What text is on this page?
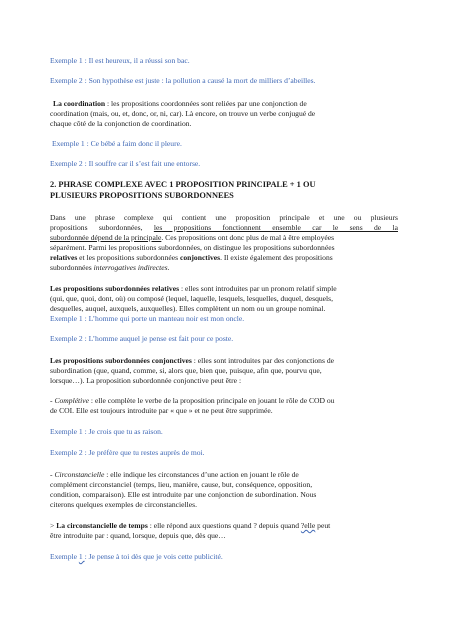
Exemple 1 : Il est heureux, il a réussi son bac.
Exemple 2 : Son hypothèse est juste : la pollution a causé la mort de milliers d’abeilles.
La coordination : les propositions coordonnées sont reliées par une conjonction de
coordination (mais, ou, et, donc, or, ni, car). Là encore, on trouve un verbe conjugué de
chaque côté de la conjonction de coordination.
Exemple 1 : Ce bébé a faim donc il pleure.
Exemple 2 : Il souffre car il s’est fait une entorse.
2. PHRASE COMPLEXE AVEC 1 PROPOSITION PRINCIPALE + 1 OU
PLUSIEURS PROPOSITIONS SUBORDONNEES
Dans une phrase complexe qui contient une proposition principale et une ou plusieurs
propositions subordonnées, les propositions fonctionnent ensemble car le sens de la
subordonnée dépend de la principale. Ces propositions ont donc plus de mal à être employées
séparément. Parmi les propositions subordonnées, on distingue les propositions subordonnées
relatives et les propositions subordonnées conjonctives. Il existe également des propositions
subordonnées interrogatives indirectes.
Les propositions subordonnées relatives : elles sont introduites par un pronom relatif simple
(qui, que, quoi, dont, où) ou composé (lequel, laquelle, lesquels, lesquelles, duquel, desquels,
desquelles, auquel, auxquels, auxquelles). Elles complètent un nom ou un groupe nominal.
Exemple 1 : L’homme qui porte un manteau noir est mon oncle.
Exemple 2 : L’homme auquel je pense est fait pour ce poste.
Les propositions subordonnées conjonctives : elles sont introduites par des conjonctions de
subordination (que, quand, comme, si, alors que, bien que, puisque, afin que, pourvu que,
lorsque…). La proposition subordonnée conjonctive peut être :
- Complétive : elle complète le verbe de la proposition principale en jouant le rôle de COD ou
de COI. Elle est toujours introduite par « que » et ne peut être supprimée.
Exemple 1 : Je crois que tu as raison.
Exemple 2 : Je préfère que tu restes auprès de moi.
- Circonstancielle : elle indique les circonstances d’une action en jouant le rôle de
complément circonstanciel (temps, lieu, manière, cause, but, conséquence, opposition,
condition, comparaison). Elle est introduite par une conjonction de subordination. Nous
citerons quelques exemples de circonstancielles.
> La circonstancielle de temps : elle répond aux questions quand ? depuis quand ?elle peut
être introduite par : quand, lorsque, depuis que, dès que…
Exemple 1 : Je pense à toi dès que je vois cette publicité.
